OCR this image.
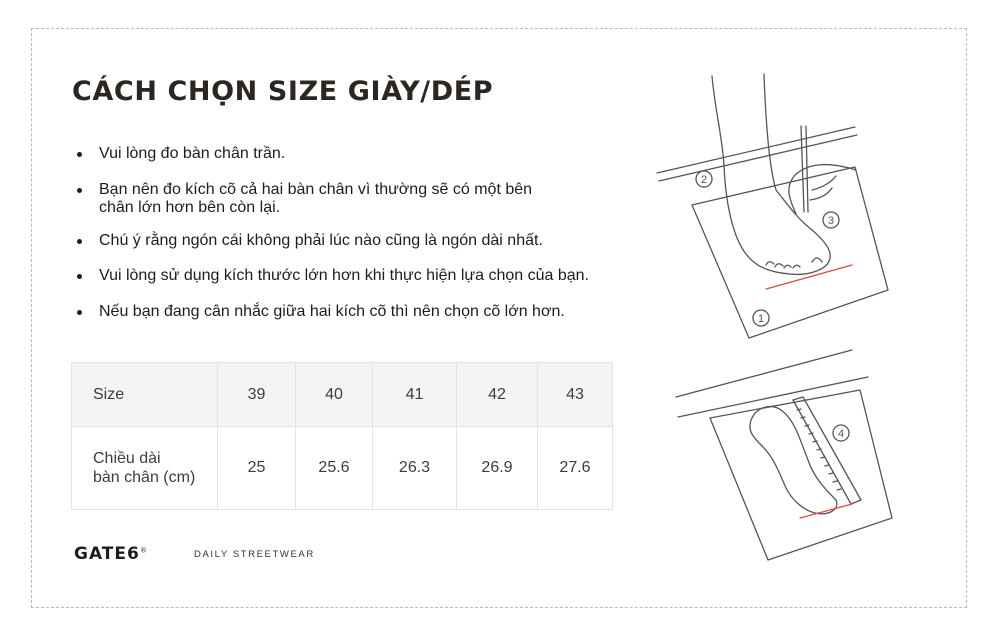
CÁCH CHỌN SIZE GIÀY/DÉP
Vui lòng đo bàn chân trần.
Bạn nên đo kích cõ cả hai bàn chân vì thường sẽ có một bên chân lớn hơn bên còn lại.
Chú ý rằng ngón cái không phải lúc nào cũng là ngón dài nhất.
Vui lòng sử dụng kích thước lớn hơn khi thực hiện lựa chọn của bạn.
Nếu bạn đang cân nhắc giữa hai kích cõ thì nên chọn cõ lớn hơn.
Size	39	40	41	42	43
Chiều dài
bàn chân (cm)	25	25.6	26.3	26.9	27.6
GATE6®	DAILY STREETWEAR
2
3
1
4
